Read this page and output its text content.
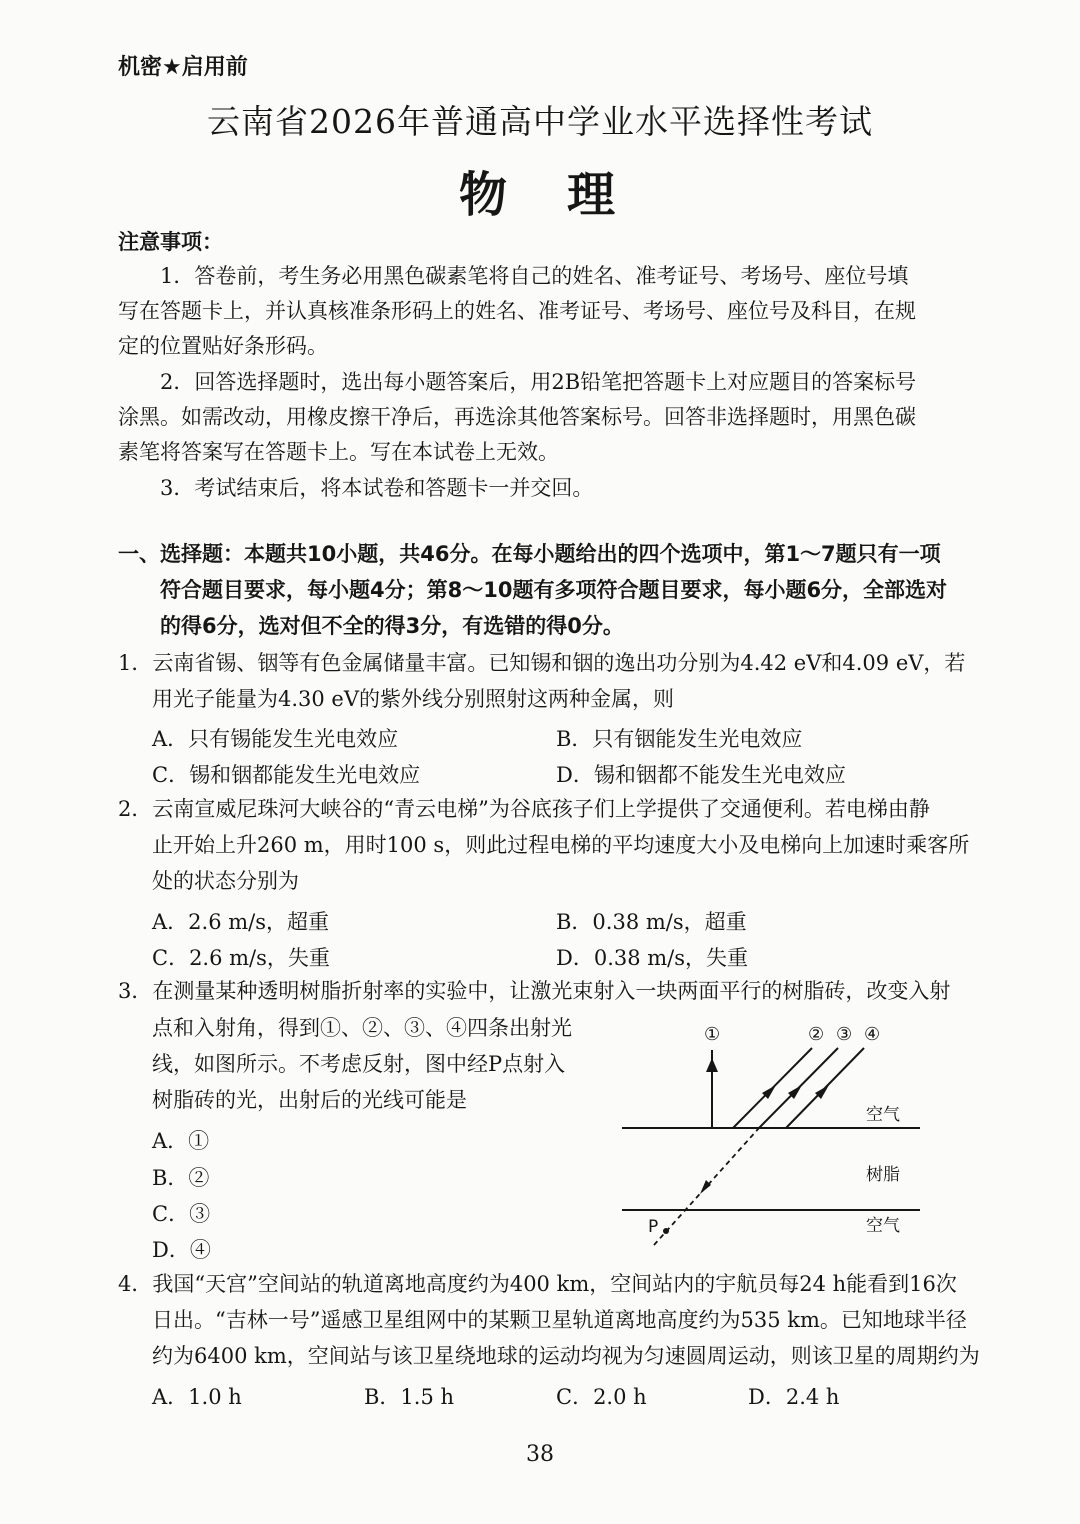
机密★启用前
云南省2026年普通高中学业水平选择性考试
物　理
注意事项：
1．答卷前，考生务必用黑色碳素笔将自己的姓名、准考证号、考场号、座位号填
写在答题卡上，并认真核准条形码上的姓名、准考证号、考场号、座位号及科目，在规
定的位置贴好条形码。
2．回答选择题时，选出每小题答案后，用2B铅笔把答题卡上对应题目的答案标号
涂黑。如需改动，用橡皮擦干净后，再选涂其他答案标号。回答非选择题时，用黑色碳
素笔将答案写在答题卡上。写在本试卷上无效。
3．考试结束后，将本试卷和答题卡一并交回。
一、选择题：本题共10小题，共46分。在每小题给出的四个选项中，第1～7题只有一项
符合题目要求，每小题4分；第8～10题有多项符合题目要求，每小题6分，全部选对
的得6分，选对但不全的得3分，有选错的得0分。
1．云南省锡、铟等有色金属储量丰富。已知锡和铟的逸出功分别为4.42 eV和4.09 eV，若
用光子能量为4.30 eV的紫外线分别照射这两种金属，则
A．只有锡能发生光电效应	B．只有铟能发生光电效应
C．锡和铟都能发生光电效应	D．锡和铟都不能发生光电效应
2．云南宣威尼珠河大峡谷的“青云电梯”为谷底孩子们上学提供了交通便利。若电梯由静
止开始上升260 m，用时100 s，则此过程电梯的平均速度大小及电梯向上加速时乘客所
处的状态分别为
A．2.6 m/s，超重	B．0.38 m/s，超重
C．2.6 m/s，失重	D．0.38 m/s，失重
3．在测量某种透明树脂折射率的实验中，让激光束射入一块两面平行的树脂砖，改变入射
点和入射角，得到①、②、③、④四条出射光
线，如图所示。不考虑反射，图中经P点射入
树脂砖的光，出射后的光线可能是
A．①
B．②
C．③
D．④
P
①	② ③ ④
空气
树脂
空气
4．我国“天宫”空间站的轨道离地高度约为400 km，空间站内的宇航员每24 h能看到16次
日出。“吉林一号”遥感卫星组网中的某颗卫星轨道离地高度约为535 km。已知地球半径
约为6400 km，空间站与该卫星绕地球的运动均视为匀速圆周运动，则该卫星的周期约为
A．1.0 h	B．1.5 h	C．2.0 h	D．2.4 h
38
